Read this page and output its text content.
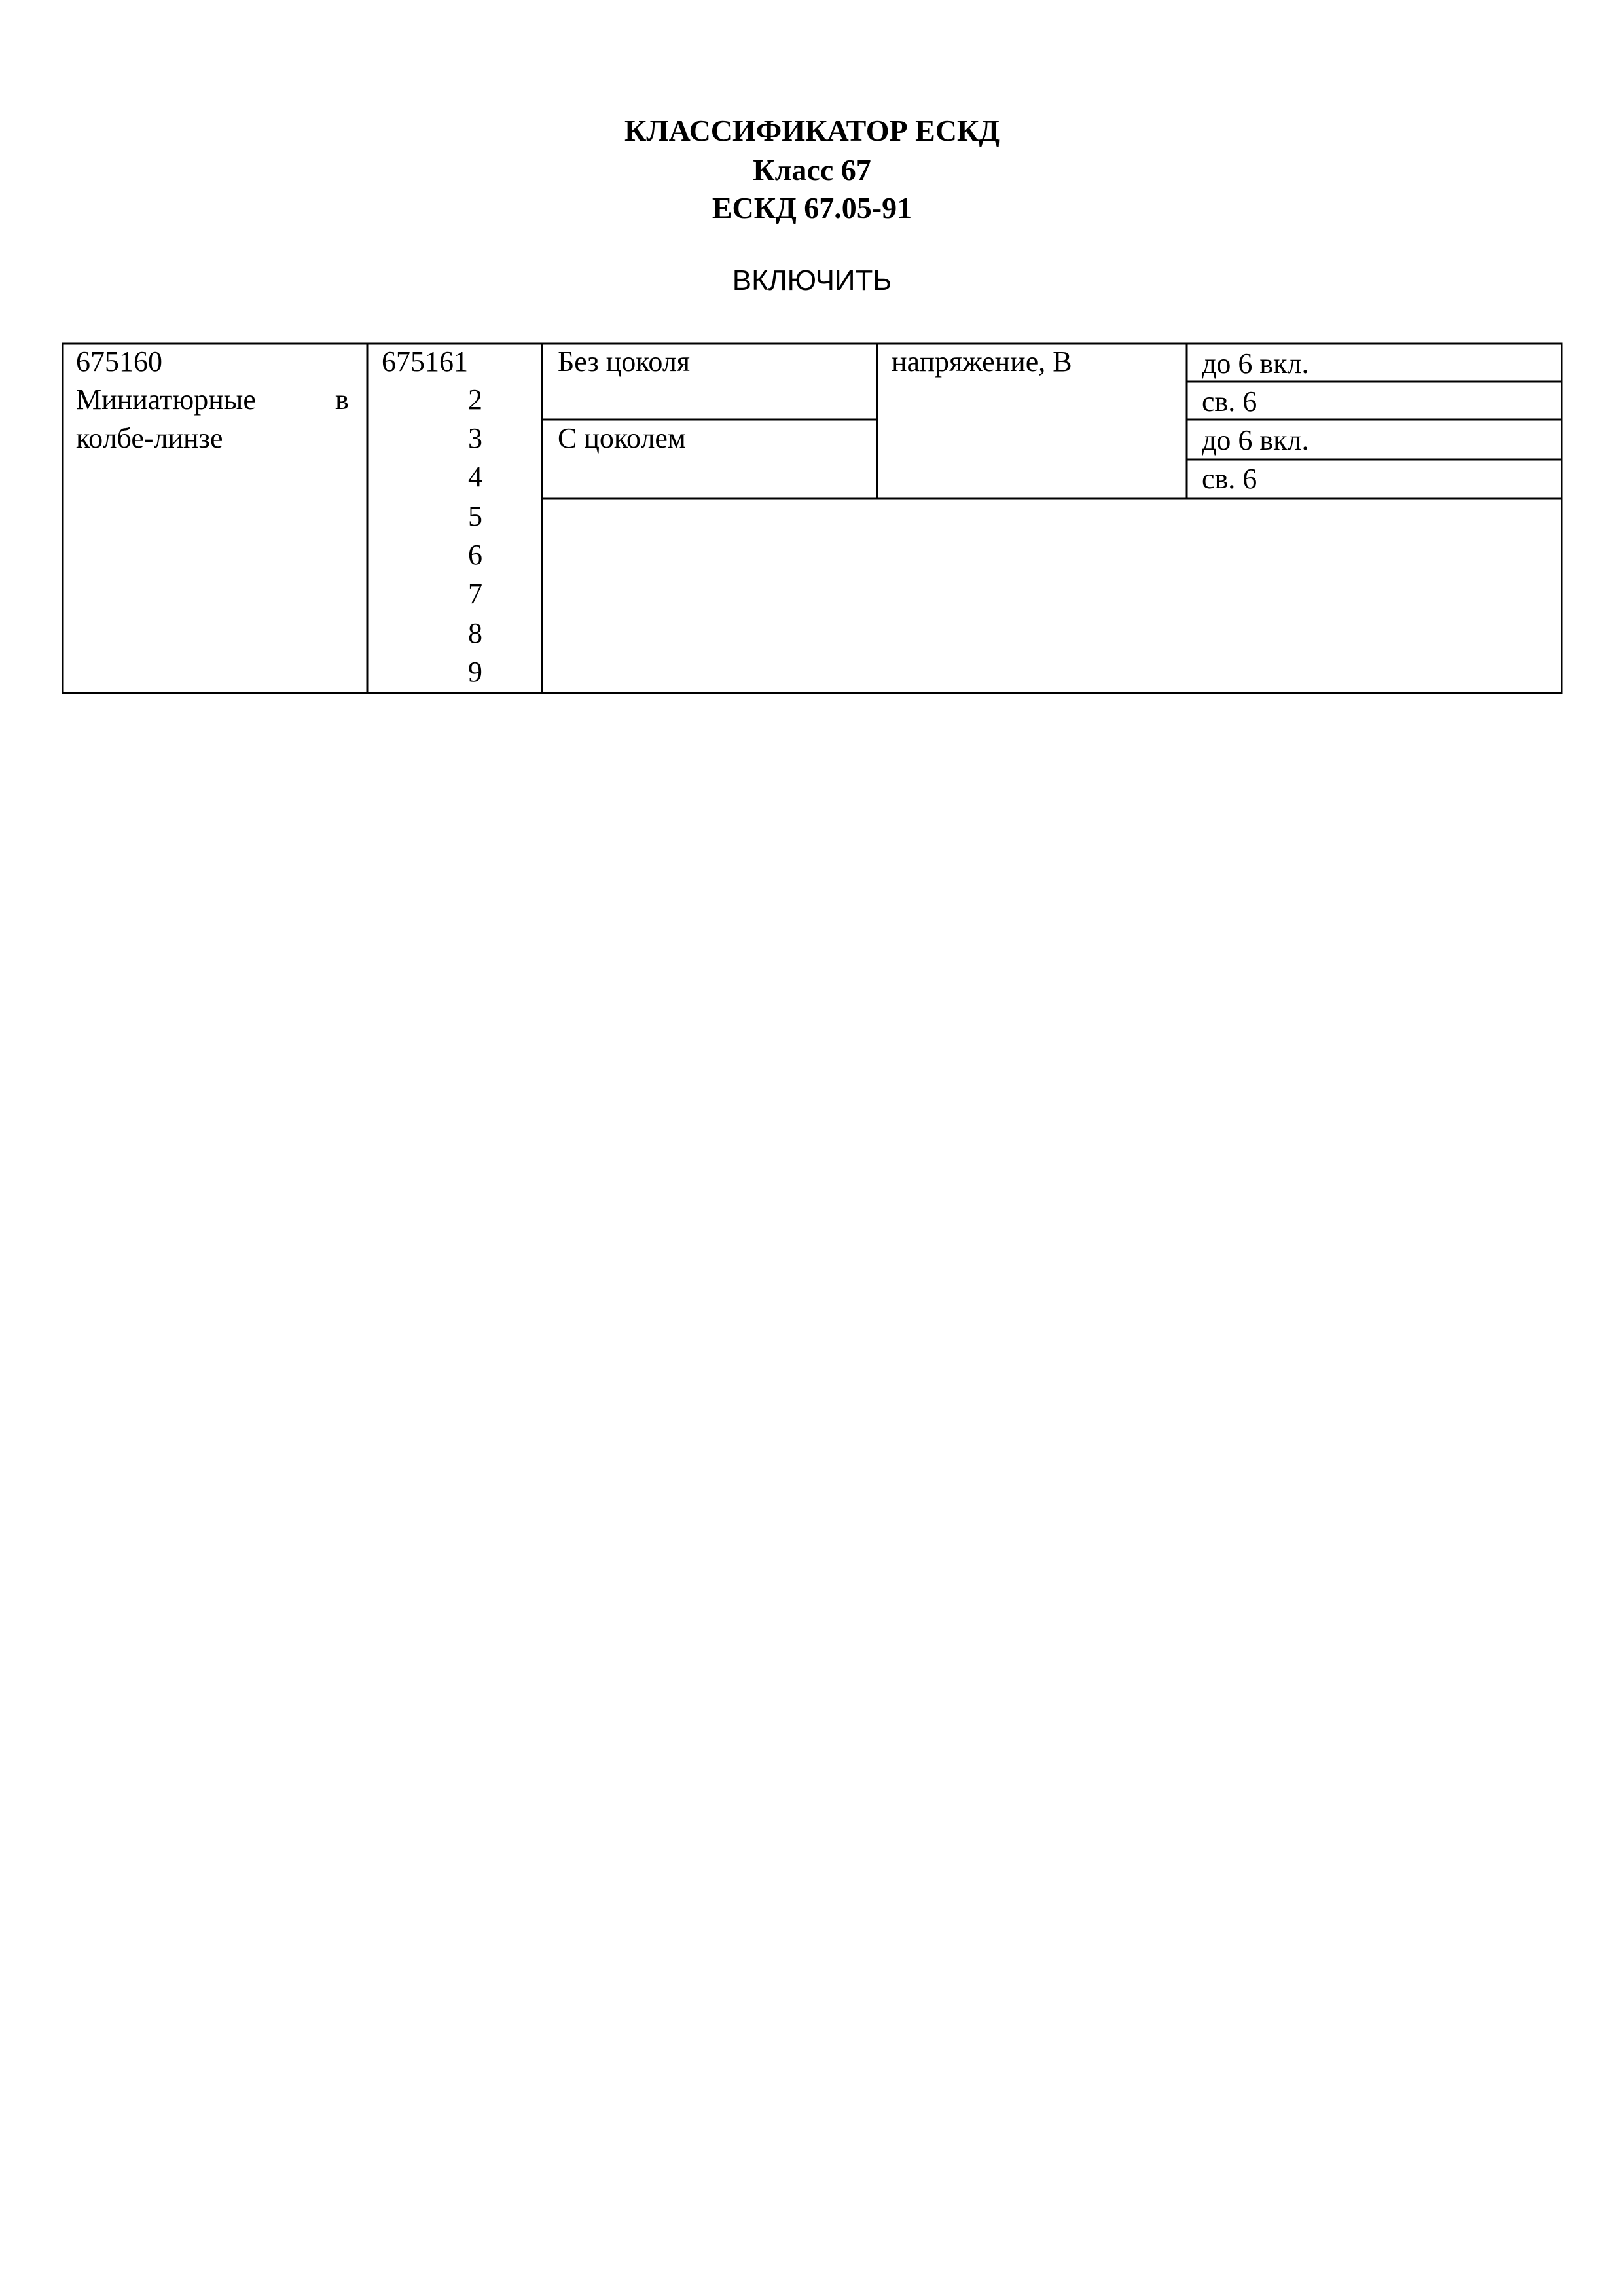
КЛАССИФИКАТОР ЕСКД
Класс 67
ЕСКД 67.05-91
ВКЛЮЧИТЬ
675160
Миниатюрные	в
колбе-линзе
675161
2
3
4
5
6
7
8
9
Без цоколя
С цоколем
напряжение, В	до 6 вкл.
св. 6
до 6 вкл.
св. 6
